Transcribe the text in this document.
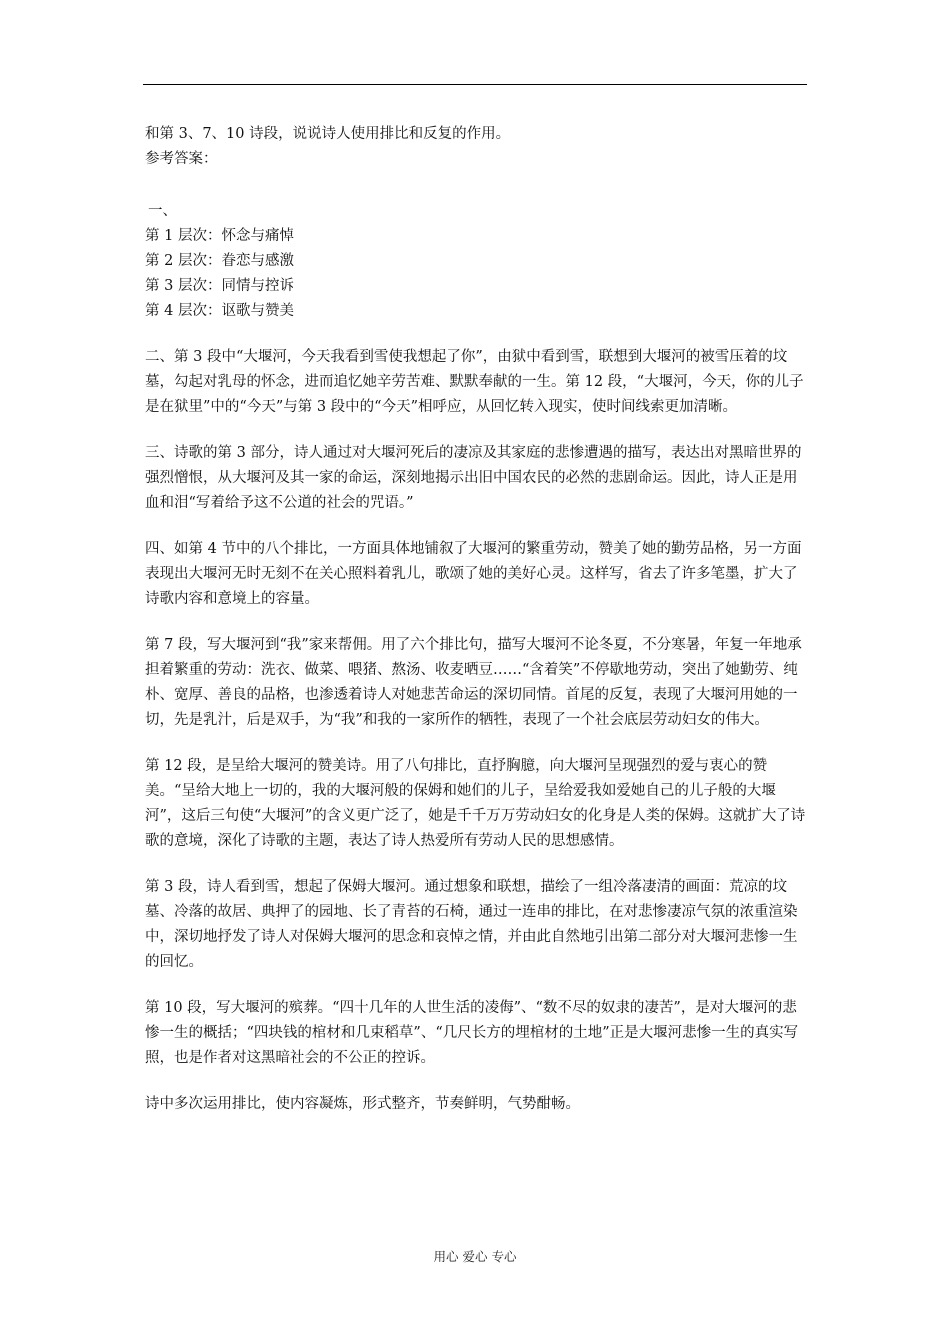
和第 3、7、10 诗段，说说诗人使用排比和反复的作用。

参考答案：

一、

第 1 层次：怀念与痛悼

第 2 层次：眷恋与感激

第 3 层次：同情与控诉

第 4 层次：讴歌与赞美

二、第 3 段中“大堰河，今天我看到雪使我想起了你”，由狱中看到雪，联想到大堰河的被雪压着的坟墓，勾起对乳母的怀念，进而追忆她辛劳苦难、默默奉献的一生。第 12 段，“大堰河，今天，你的儿子是在狱里”中的“今天”与第 3 段中的“今天”相呼应，从回忆转入现实，使时间线索更加清晰。

三、诗歌的第 3 部分，诗人通过对大堰河死后的凄凉及其家庭的悲惨遭遇的描写，表达出对黑暗世界的强烈憎恨，从大堰河及其一家的命运，深刻地揭示出旧中国农民的必然的悲剧命运。因此，诗人正是用血和泪“写着给予这不公道的社会的咒语。”

四、如第 4 节中的八个排比，一方面具体地铺叙了大堰河的繁重劳动，赞美了她的勤劳品格，另一方面表现出大堰河无时无刻不在关心照料着乳儿，歌颂了她的美好心灵。这样写，省去了许多笔墨，扩大了诗歌内容和意境上的容量。

第 7 段，写大堰河到“我”家来帮佣。用了六个排比句，描写大堰河不论冬夏，不分寒暑，年复一年地承担着繁重的劳动：洗衣、做菜、喂猪、熬汤、收麦晒豆……“含着笑”不停歇地劳动，突出了她勤劳、纯朴、宽厚、善良的品格，也渗透着诗人对她悲苦命运的深切同情。首尾的反复，表现了大堰河用她的一切，先是乳汁，后是双手，为“我”和我的一家所作的牺牲，表现了一个社会底层劳动妇女的伟大。

第 12 段，是呈给大堰河的赞美诗。用了八句排比，直抒胸臆，向大堰河呈现强烈的爱与衷心的赞美。“呈给大地上一切的，我的大堰河般的保姆和她们的儿子，呈给爱我如爱她自己的儿子般的大堰河”，这后三句使“大堰河”的含义更广泛了，她是千千万万劳动妇女的化身是人类的保姆。这就扩大了诗歌的意境，深化了诗歌的主题，表达了诗人热爱所有劳动人民的思想感情。

第 3 段，诗人看到雪，想起了保姆大堰河。通过想象和联想，描绘了一组冷落凄清的画面：荒凉的坟墓、冷落的故居、典押了的园地、长了青苔的石椅，通过一连串的排比，在对悲惨凄凉气氛的浓重渲染中，深切地抒发了诗人对保姆大堰河的思念和哀悼之情，并由此自然地引出第二部分对大堰河悲惨一生的回忆。

第 10 段，写大堰河的殡葬。“四十几年的人世生活的凌侮”、“数不尽的奴隶的凄苦”，是对大堰河的悲惨一生的概括；“四块钱的棺材和几束稻草”、“几尺长方的埋棺材的土地”正是大堰河悲惨一生的真实写照，也是作者对这黑暗社会的不公正的控诉。

诗中多次运用排比，使内容凝炼，形式整齐，节奏鲜明，气势酣畅。

用心 爱心 专心
